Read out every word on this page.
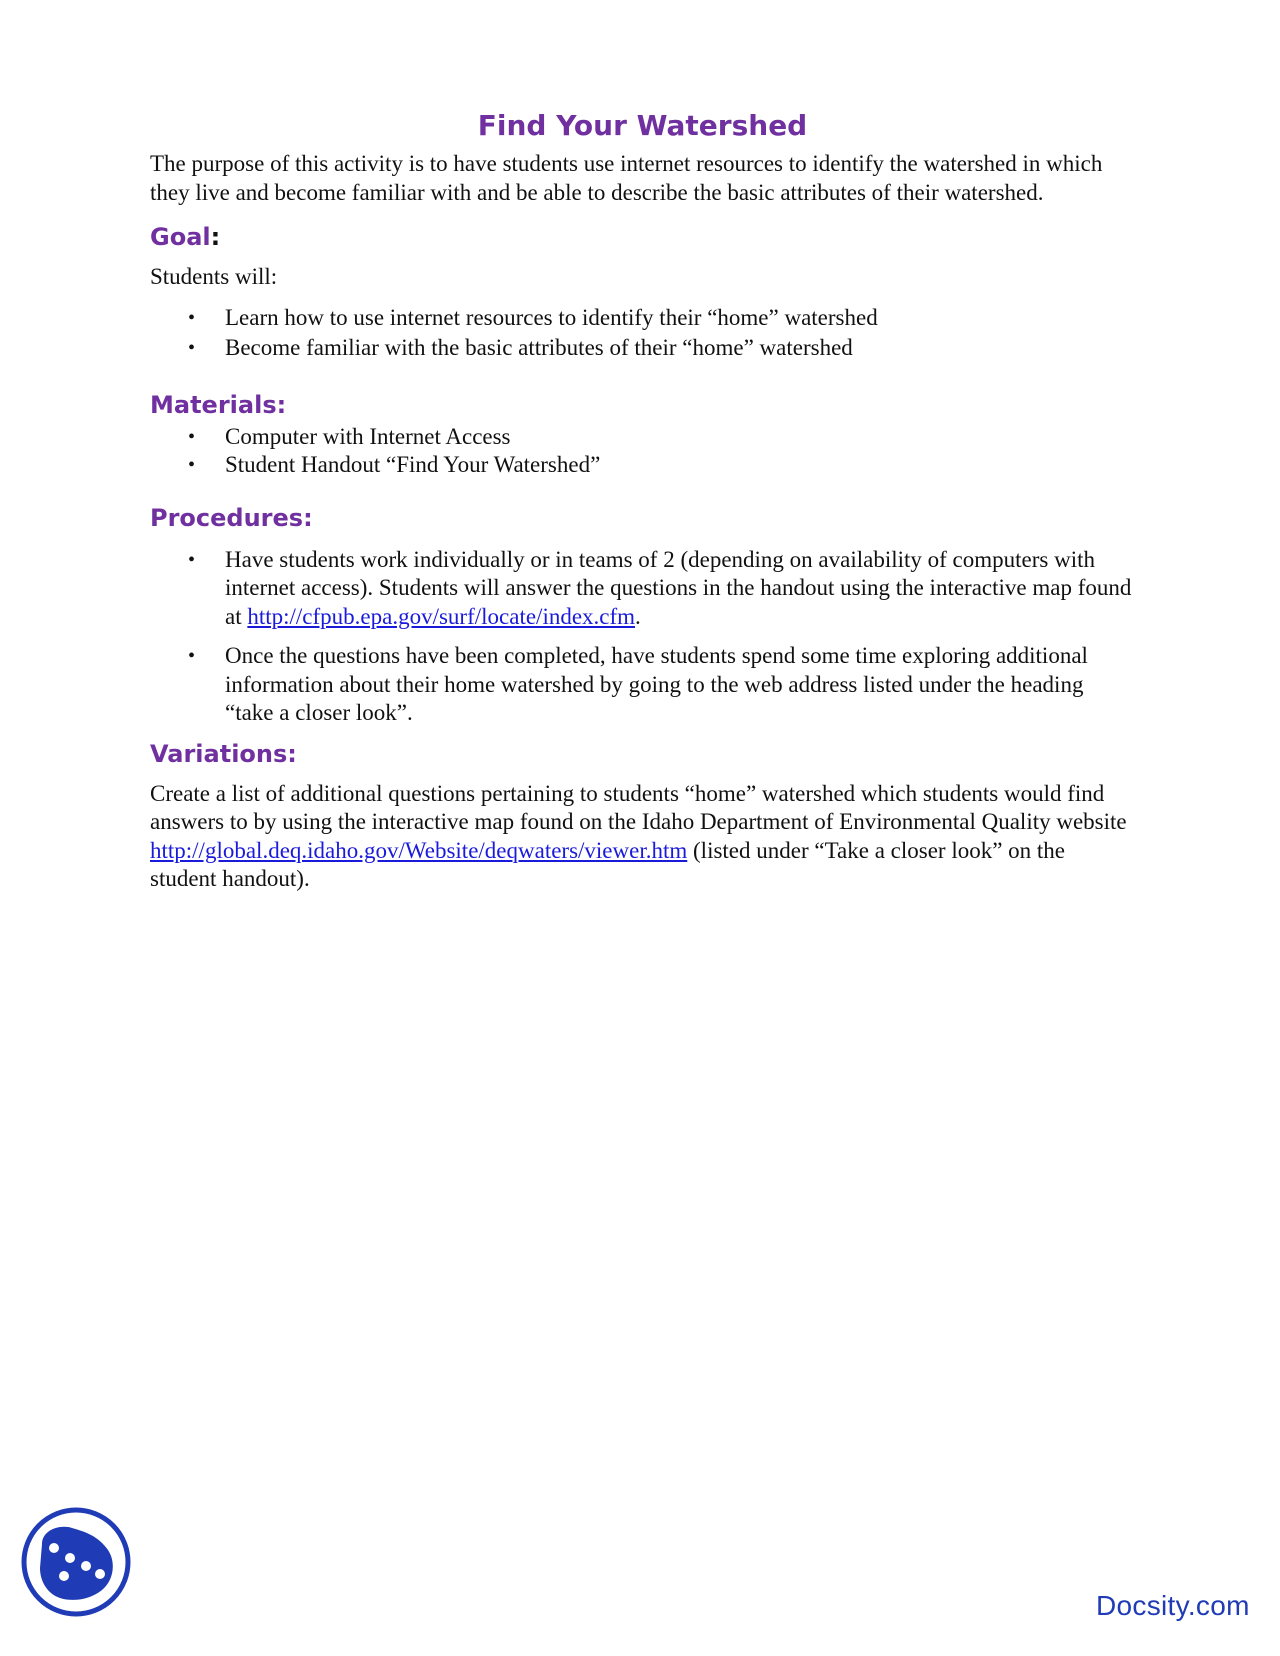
Find Your Watershed

The purpose of this activity is to have students use internet resources to identify the watershed in which they live and become familiar with and be able to describe the basic attributes of their watershed.

Goal:

Students will:

• Learn how to use internet resources to identify their “home” watershed
• Become familiar with the basic attributes of their “home” watershed
Materials:
• Computer with Internet Access
• Student Handout “Find Your Watershed”
Procedures:
• Have students work individually or in teams of 2 (depending on availability of computers with internet access). Students will answer the questions in the handout using the interactive map found at http://cfpub.epa.gov/surf/locate/index.cfm.
• Once the questions have been completed, have students spend some time exploring additional information about their home watershed by going to the web address listed under the heading “take a closer look”.
Variations:

Create a list of additional questions pertaining to students “home” watershed which students would find answers to by using the interactive map found on the Idaho Department of Environmental Quality website http://global.deq.idaho.gov/Website/deqwaters/viewer.htm (listed under “Take a closer look” on the student handout).

Docsity.com
